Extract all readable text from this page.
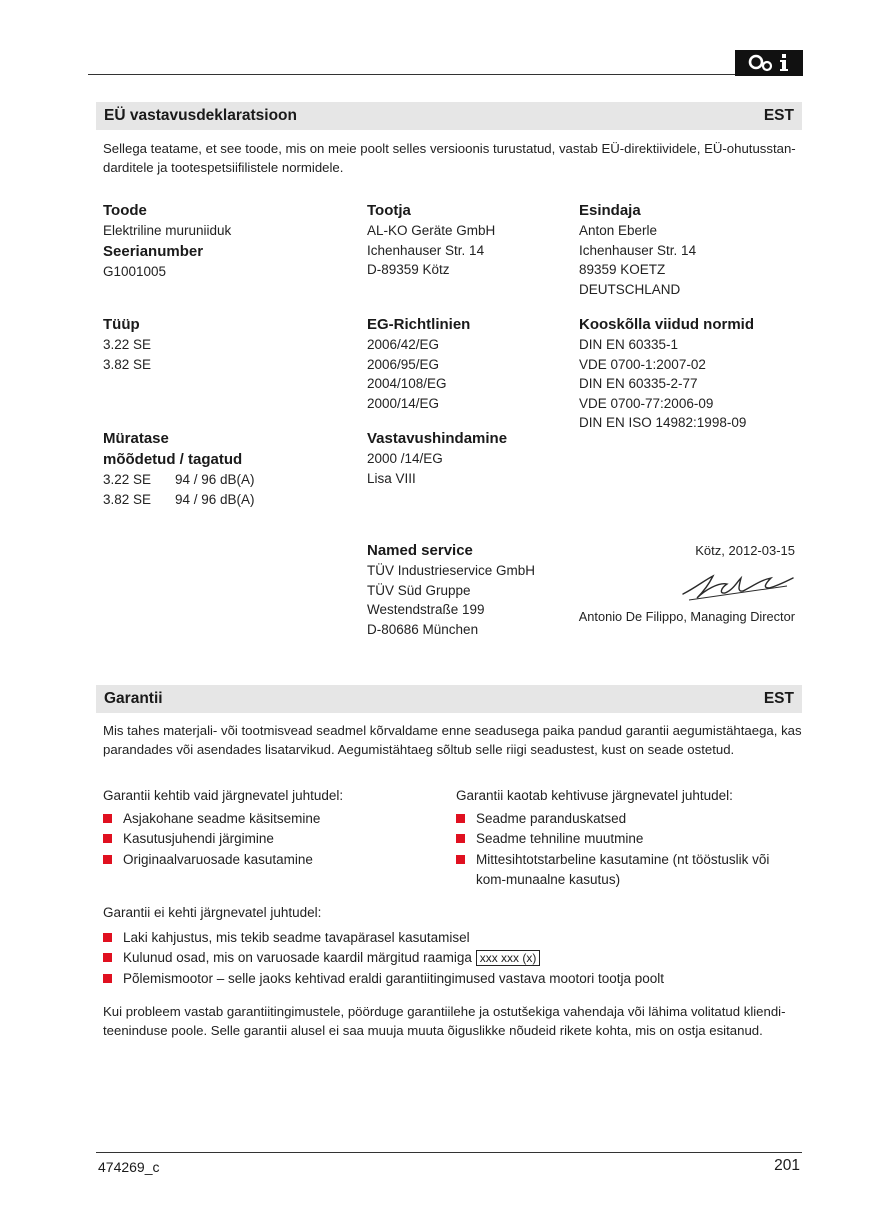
EÜ vastavusdeklaratsioon	EST
Sellega teatame, et see toode, mis on meie poolt selles versioonis turustatud, vastab EÜ-direktiividele, EÜ-ohutusstan-darditele ja tootespetsiifilistele normidele.
Toode
Elektriline muruniiduk
Seerianumber
G1001005
Tüüp
3.22 SE
3.82 SE
Müratase
mõõdetud / tagatud
3.22 SE	94 / 96 dB(A)
3.82 SE	94 / 96 dB(A)
Tootja
AL-KO Geräte GmbH
Ichenhauser Str. 14
D-89359 Kötz
EG-Richtlinien
2006/42/EG
2006/95/EG
2004/108/EG
2000/14/EG
Vastavushindamine
2000 /14/EG
Lisa VIII
Named service
TÜV Industrieservice GmbH
TÜV Süd Gruppe
Westendstraße 199
D-80686 München
Esindaja
Anton Eberle
Ichenhauser Str. 14
89359 KOETZ
DEUTSCHLAND
Kooskõlla viidud normid
DIN EN 60335-1
VDE 0700-1:2007-02
DIN EN 60335-2-77
VDE 0700-77:2006-09
DIN EN ISO 14982:1998-09
Kötz, 2012-03-15
Antonio De Filippo, Managing Director
Garantii	EST
Mis tahes materjali- või tootmisvead seadmel kõrvaldame enne seadusega paika pandud garantii aegumistähtaega, kas parandades või asendades lisatarvikud. Aegumistähtaeg sõltub selle riigi seadustest, kust on seade ostetud.
Garantii kehtib vaid järgnevatel juhtudel:
Asjakohane seadme käsitsemine
Kasutusjuhendi järgimine
Originaalvaruosade kasutamine
Garantii kaotab kehtivuse järgnevatel juhtudel:
Seadme paranduskatsed
Seadme tehniline muutmine
Mittesihtotstarbeline kasutamine (nt tööstuslik või kom-munaalne kasutus)
Garantii ei kehti järgnevatel juhtudel:
Laki kahjustus, mis tekib seadme tavapärasel kasutamisel
Kulunud osad, mis on varuosade kaardil märgitud raamiga xxx xxx (x)
Põlemismootor – selle jaoks kehtivad eraldi garantiitingimused vastava mootori tootja poolt
Kui probleem vastab garantiitingimustele, pöörduge garantiilehe ja ostutšekiga vahendaja või lähima volitatud kliendi-teeninduse poole. Selle garantii alusel ei saa muuja muuta õiguslikke nõudeid rikete kohta, mis on ostja esitanud.
474269_c	201
